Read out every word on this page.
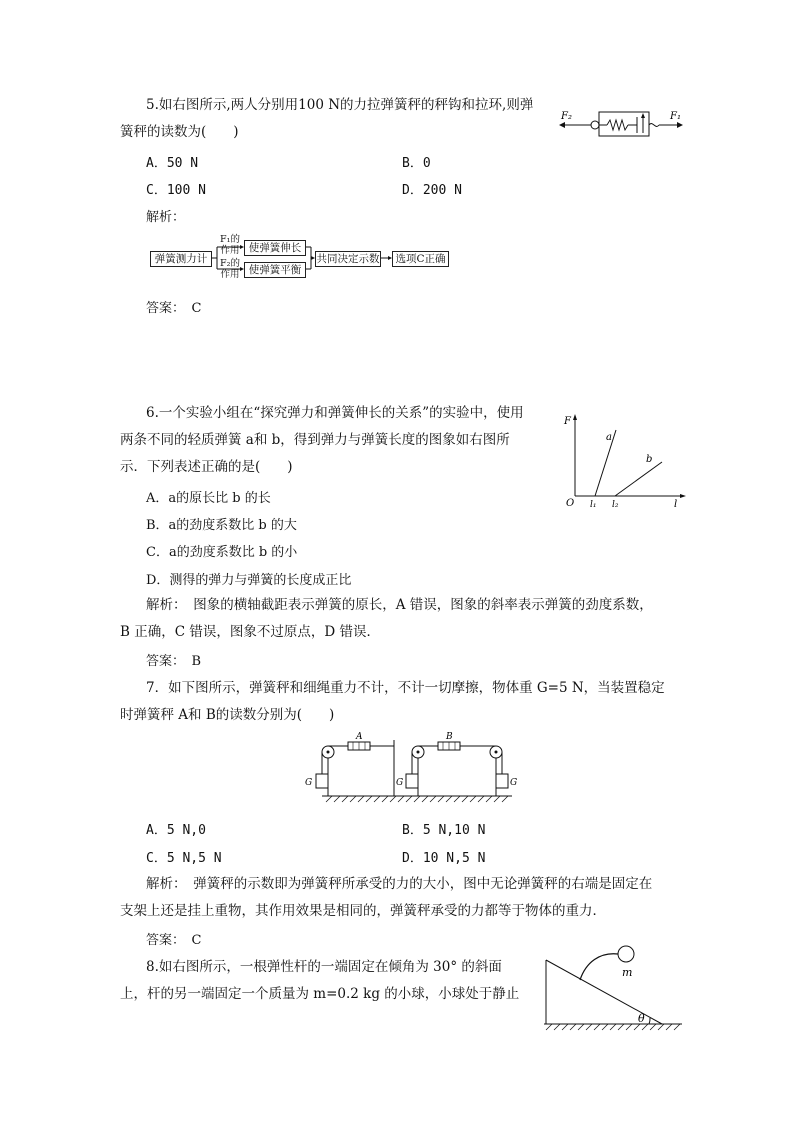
5.如右图所示,两人分别用100 N的力拉弹簧秤的秤钩和拉环,则弹
簧秤的读数为(　　)
F₂	F₁
A．50 N	B．0
C．100 N	D．200 N
解析：
弹簧测力计
F₁的作用
F₂的作用
使弹簧伸长
使弹簧平衡
共同决定示数	选项C正确
答案：　C
6.一个实验小组在“探究弹力和弹簧伸长的关系”的实验中，使用
两条不同的轻质弹簧 a和 b，得到弹力与弹簧长度的图象如右图所
示．下列表述正确的是(　　)
F
l
O l₁ l₂
a
b
A．a的原长比 b 的长
B．a的劲度系数比 b 的大
C．a的劲度系数比 b 的小
D．测得的弹力与弹簧的长度成正比
解析：　图象的横轴截距表示弹簧的原长，A 错误，图象的斜率表示弹簧的劲度系数，
B 正确，C 错误，图象不过原点，D 错误．
答案：　B
7．如下图所示，弹簧秤和细绳重力不计，不计一切摩擦，物体重 G=5 N，当装置稳定
时弹簧秤 A和 B的读数分别为(　　)
A
G
B
G	G
A．5 N,0	B．5 N,10 N
C．5 N,5 N	D．10 N,5 N
解析：　弹簧秤的示数即为弹簧秤所承受的力的大小，图中无论弹簧秤的右端是固定在
支架上还是挂上重物，其作用效果是相同的，弹簧秤承受的力都等于物体的重力．
答案：　C
8.如右图所示，一根弹性杆的一端固定在倾角为 30° 的斜面
上，杆的另一端固定一个质量为 m=0.2 kg 的小球，小球处于静止
m
θ
